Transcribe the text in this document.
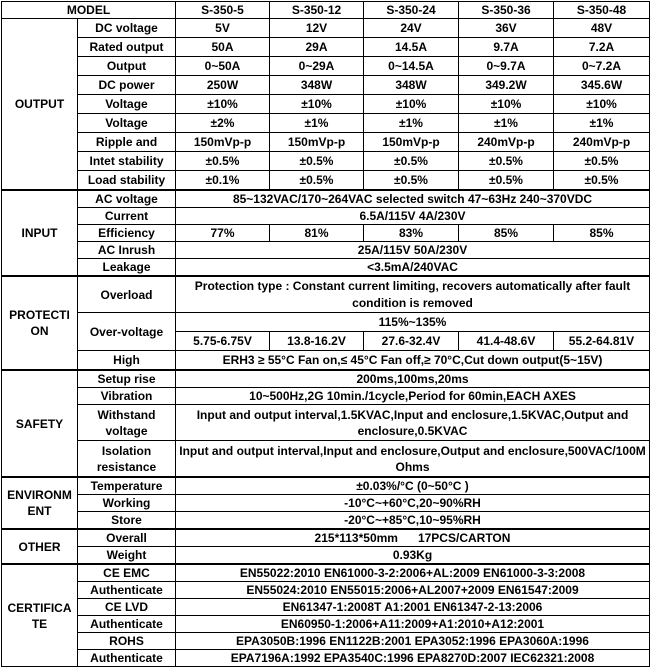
MODEL		S-350-5	S-350-12	S-350-24	S-350-36	S-350-48
OUTPUT	DC voltage	5V	12V	24V	36V	48V
	Rated output	50A	29A	14.5A	9.7A	7.2A
	Output	0~50A	0~29A	0~14.5A	0~9.7A	0~7.2A
	DC power	250W	348W	348W	349.2W	345.6W
	Voltage	±10%	±10%	±10%	±10%	±10%
	Voltage	±2%	±1%	±1%	±1%	±1%
	Ripple and	150mVp-p	150mVp-p	150mVp-p	240mVp-p	240mVp-p
	Intet stability	±0.5%	±0.5%	±0.5%	±0.5%	±0.5%
	Load stability	±0.1%	±0.5%	±0.5%	±0.5%	±0.5%
INPUT	AC voltage	85~132VAC/170~264VAC selected switch 47~63Hz 240~370VDC				
	Current	6.5A/115V 4A/230V				
	Efficiency	77%	81%	83%	85%	85%
	AC Inrush	25A/115V 50A/230V				
	Leakage	<3.5mA/240VAC				
PROTECTI ON	Overload	Protection type : Constant current limiting, recovers automatically after fault condition is removed				
	Over-voltage	115%~135%				
		5.75-6.75V	13.8-16.2V	27.6-32.4V	41.4-48.6V	55.2-64.81V
	High	ERH3 ≥ 55°C Fan on,≤ 45°C Fan off,≥ 70°C,Cut down output(5~15V)				
SAFETY	Setup rise	200ms,100ms,20ms				
	Vibration	10~500Hz,2G 10min./1cycle,Period for 60min,EACH AXES				
	Withstand voltage	Input and output interval,1.5KVAC,Input and enclosure,1.5KVAC,Output and enclosure,0.5KVAC				
	Isolation resistance	Input and output interval,Input and enclosure,Output and enclosure,500VAC/100M Ohms				
ENVIRONM ENT	Temperature	±0.03%/°C (0~50°C )				
	Working	-10°C~+60°C,20~90%RH				
	Store	-20°C~+85°C,10~95%RH				
OTHER	Overall	215*113*50mm      17PCS/CARTON				
	Weight	0.93Kg				
CERTIFICA TE	CE EMC	EN55022:2010 EN61000-3-2:2006+AL:2009 EN61000-3-3:2008				
	Authenticate	EN55024:2010 EN55015:2006+AL2007+2009 EN61547:2009				
	CE LVD	EN61347-1:2008T A1:2001 EN61347-2-13:2006				
	Authenticate	EN60950-1:2006+A11:2009+A1:2010+A12:2001				
	ROHS	EPA3050B:1996 EN1122B:2001 EPA3052:1996 EPA3060A:1996				
	Authenticate	EPA7196A:1992 EPA3540C:1996 EPA8270D:2007 IEC62321:2008				
